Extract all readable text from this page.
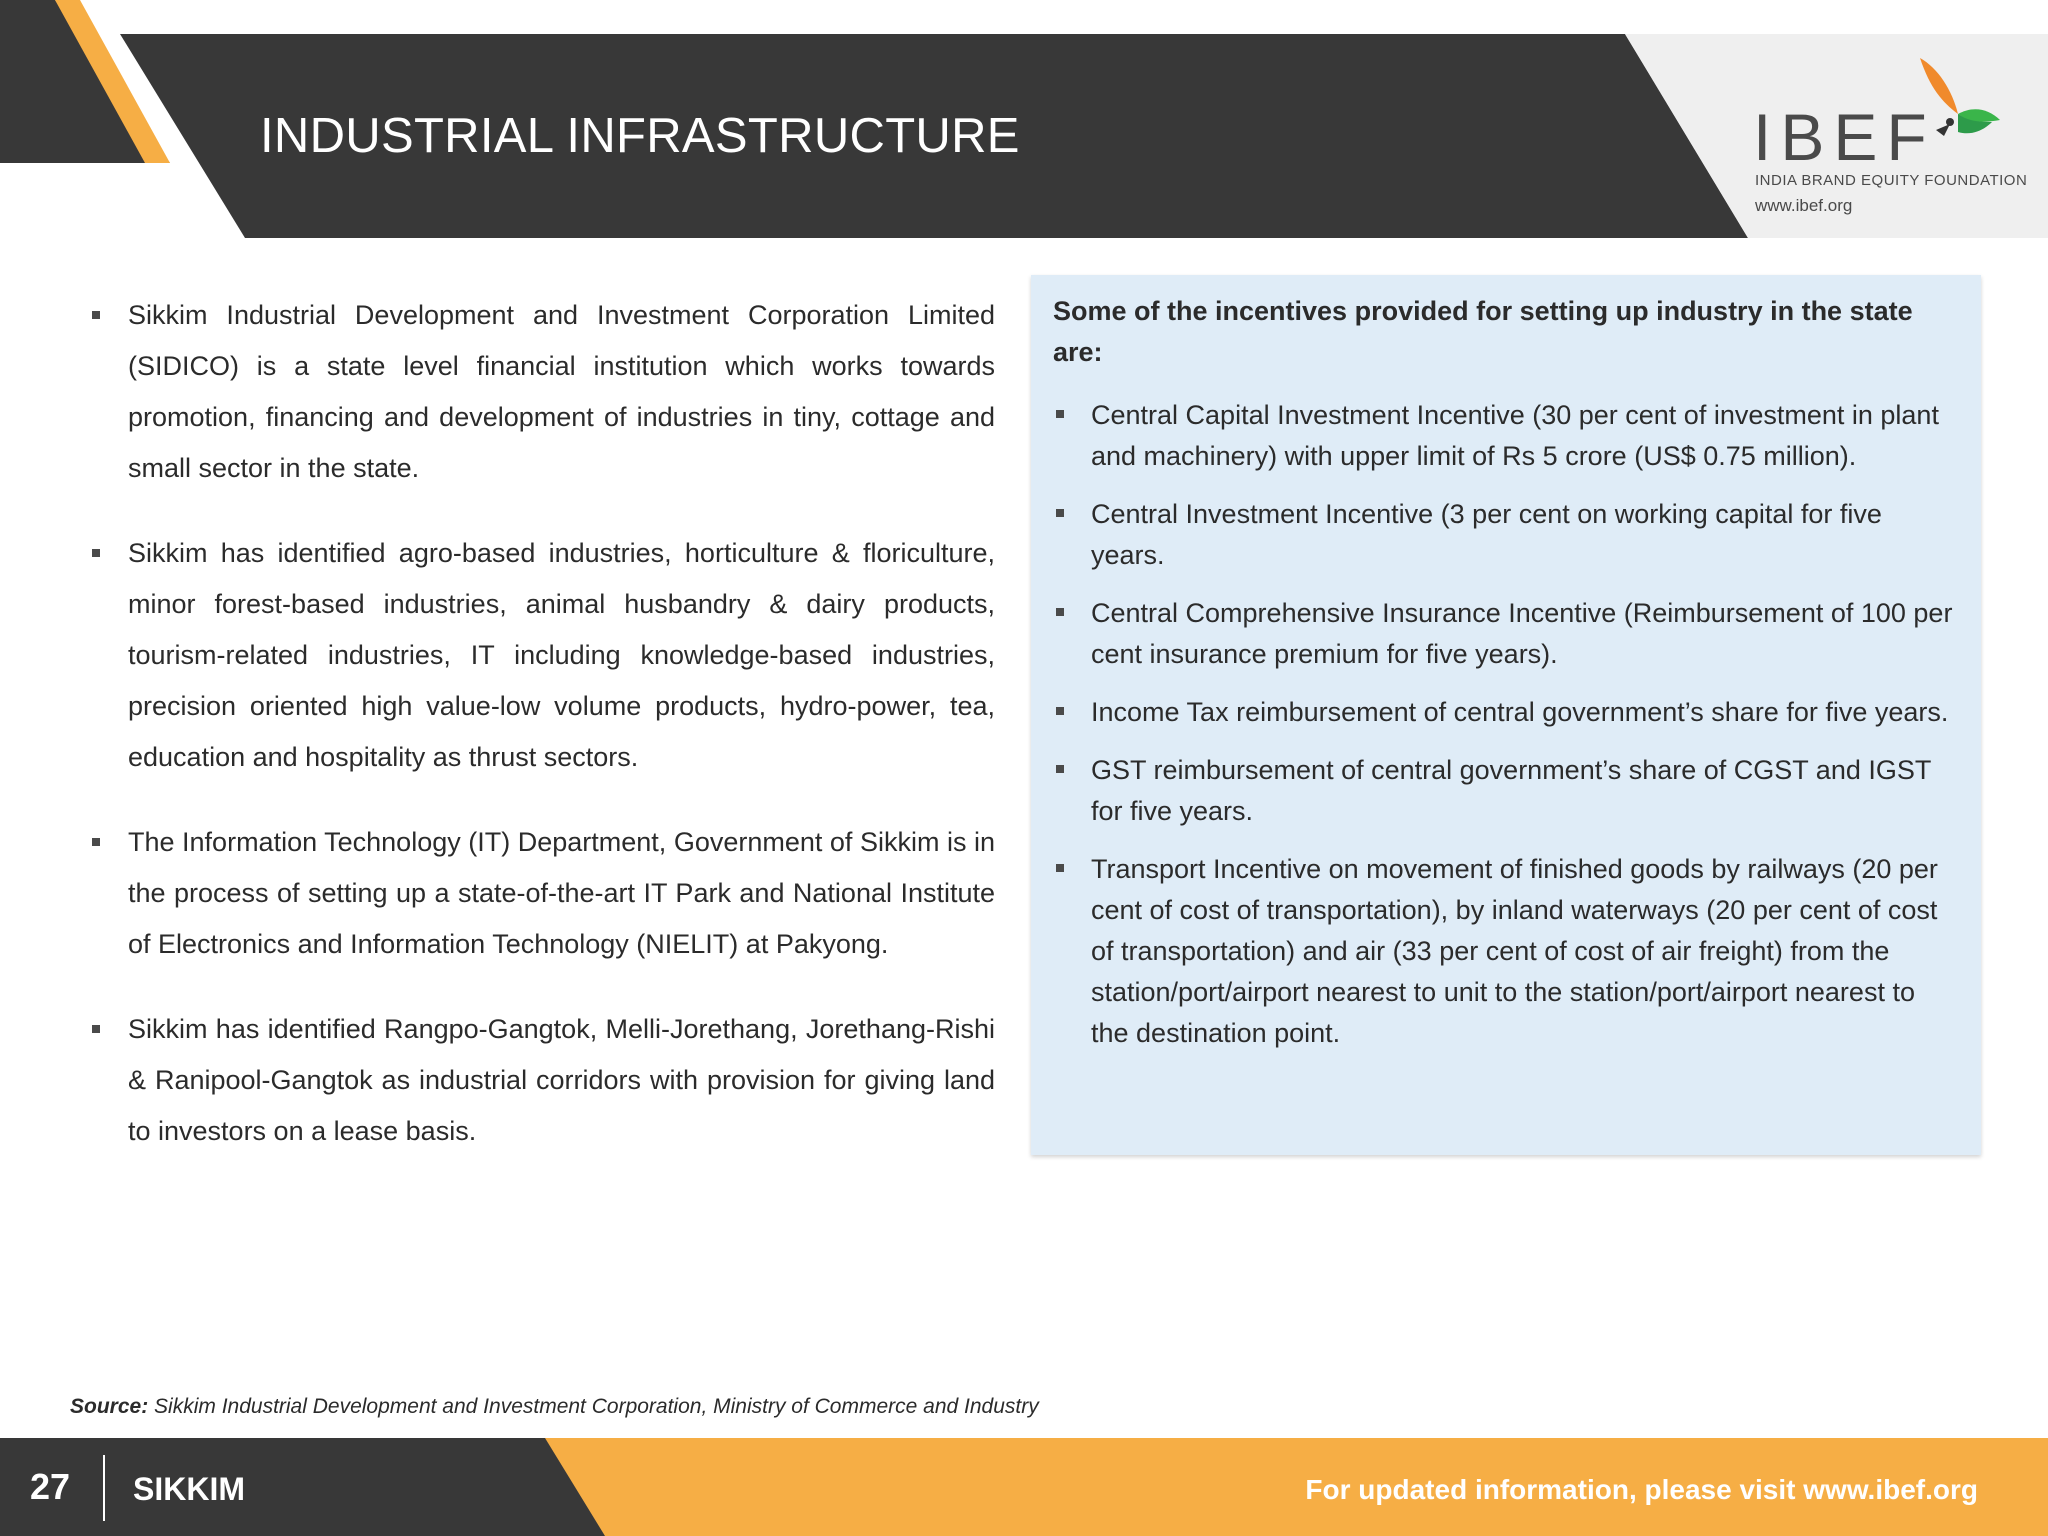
INDUSTRIAL INFRASTRUCTURE	IBEF
INDIA BRAND EQUITY FOUNDATION
www.ibef.org
Sikkim Industrial Development and Investment Corporation Limited (SIDICO) is a state level financial institution which works towards promotion, financing and development of industries in tiny, cottage and small sector in the state.
Sikkim has identified agro-based industries, horticulture & floriculture, minor forest-based industries, animal husbandry & dairy products, tourism-related industries, IT including knowledge-based industries, precision oriented high value-low volume products, hydro-power, tea, education and hospitality as thrust sectors.
The Information Technology (IT) Department, Government of Sikkim is in the process of setting up a state-of-the-art IT Park and National Institute of Electronics and Information Technology (NIELIT) at Pakyong.
Sikkim has identified Rangpo-Gangtok, Melli-Jorethang, Jorethang-Rishi & Ranipool-Gangtok as industrial corridors with provision for giving land to investors on a lease basis.
Some of the incentives provided for setting up industry in the state are:
Central Capital Investment Incentive (30 per cent of investment in plant and machinery) with upper limit of Rs 5 crore (US$ 0.75 million).
Central Investment Incentive (3 per cent on working capital for five years.
Central Comprehensive Insurance Incentive (Reimbursement of 100 per cent insurance premium for five years).
Income Tax reimbursement of central government’s share for five years.
GST reimbursement of central government’s share of CGST and IGST for five years.
Transport Incentive on movement of finished goods by railways (20 per cent of cost of transportation), by inland waterways (20 per cent of cost of transportation) and air (33 per cent of cost of air freight) from the station/port/airport nearest to unit to the station/port/airport nearest to the destination point.
Source: Sikkim Industrial Development and Investment Corporation, Ministry of Commerce and Industry
27 SIKKIM	For updated information, please visit www.ibef.org
